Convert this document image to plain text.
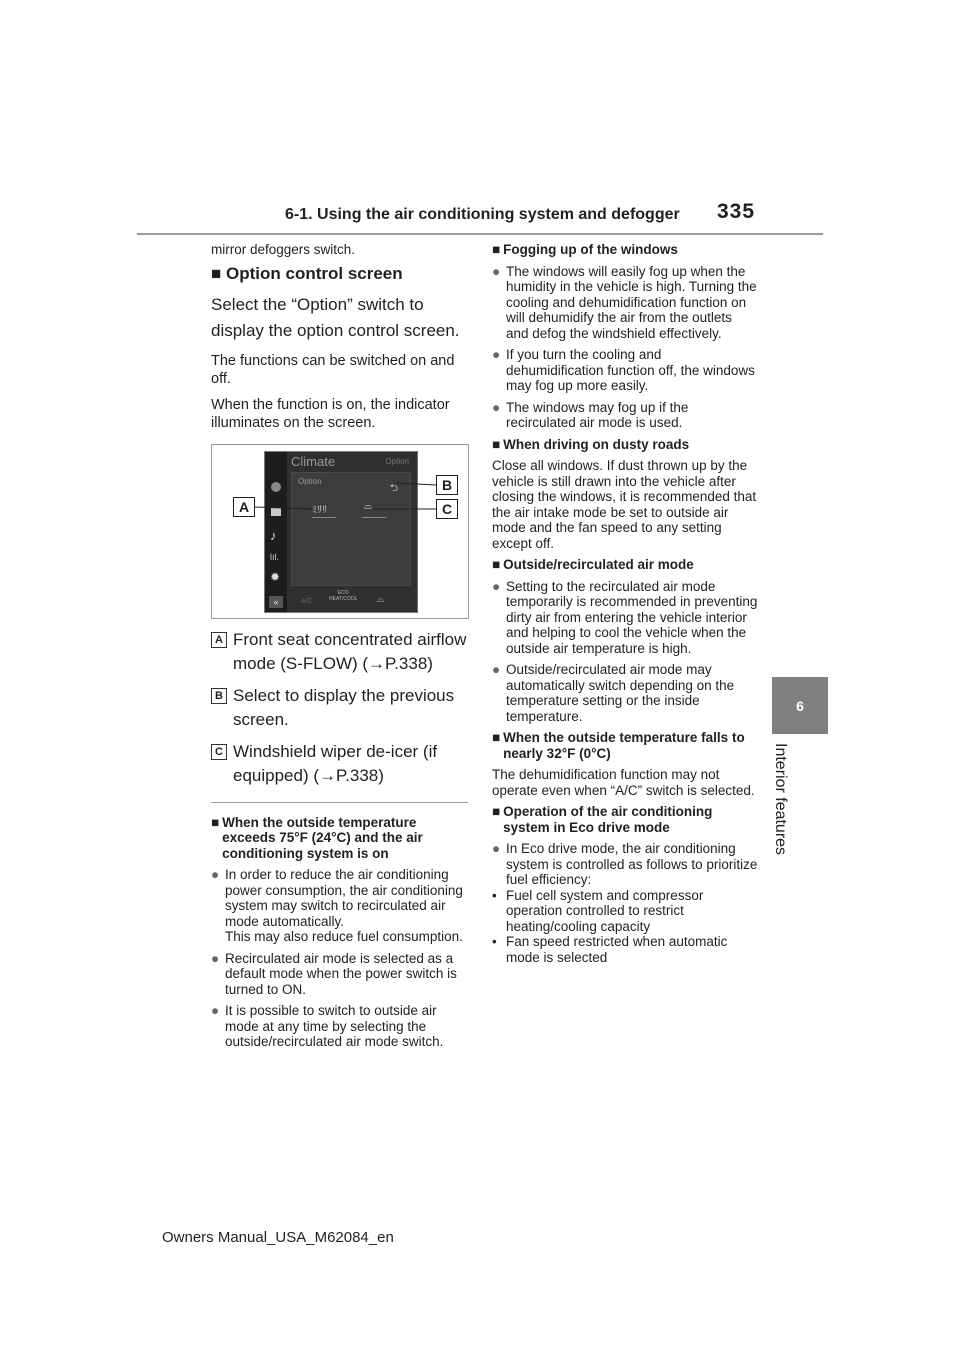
6-1. Using the air conditioning system and defogger 335
6
Interior features

mirror defoggers switch.

■ Option control screen

Select the “Option” switch to display the option control screen.

The functions can be switched on and off.

When the function is on, the indicator illuminates on the screen.

A Front seat concentrated airflow mode (S-FLOW) (→P.338)
B Select to display the previous screen.
C Windshield wiper de-icer (if equipped) (→P.338)
■ When the outside temperature exceeds 75°F (24°C) and the air conditioning system is on
● In order to reduce the air conditioning power consumption, the air conditioning system may switch to recirculated air mode automatically.
This may also reduce fuel consumption.
● Recirculated air mode is selected as a default mode when the power switch is turned to ON.
● It is possible to switch to outside air mode at any time by selecting the outside/recirculated air mode switch.
♪
lıl.
✹
«
Climate	Option
Option
ﾐﾘﾘ	⌓
⮌
A/C
ECO
HEAT/COOL ⌓
A
B
C
■ Fogging up of the windows
● The windows will easily fog up when the humidity in the vehicle is high. Turning the cooling and dehumidification function on will dehumidify the air from the outlets and defog the windshield effectively.
● If you turn the cooling and dehumidification function off, the windows may fog up more easily.
● The windows may fog up if the recirculated air mode is used.
■ When driving on dusty roads

Close all windows. If dust thrown up by the vehicle is still drawn into the vehicle after closing the windows, it is recommended that the air intake mode be set to outside air mode and the fan speed to any setting except off.

■ Outside/recirculated air mode
● Setting to the recirculated air mode temporarily is recommended in preventing dirty air from entering the vehicle interior and helping to cool the vehicle when the outside air temperature is high.
● Outside/recirculated air mode may automatically switch depending on the temperature setting or the inside temperature.
■ When the outside temperature falls to nearly 32°F (0°C)

The dehumidification function may not operate even when “A/C” switch is selected.

■ Operation of the air conditioning system in Eco drive mode
● In Eco drive mode, the air conditioning system is controlled as follows to prioritize fuel efficiency:
• Fuel cell system and compressor operation controlled to restrict heating/cooling capacity
• Fan speed restricted when automatic mode is selected
Owners Manual_USA_M62084_en
